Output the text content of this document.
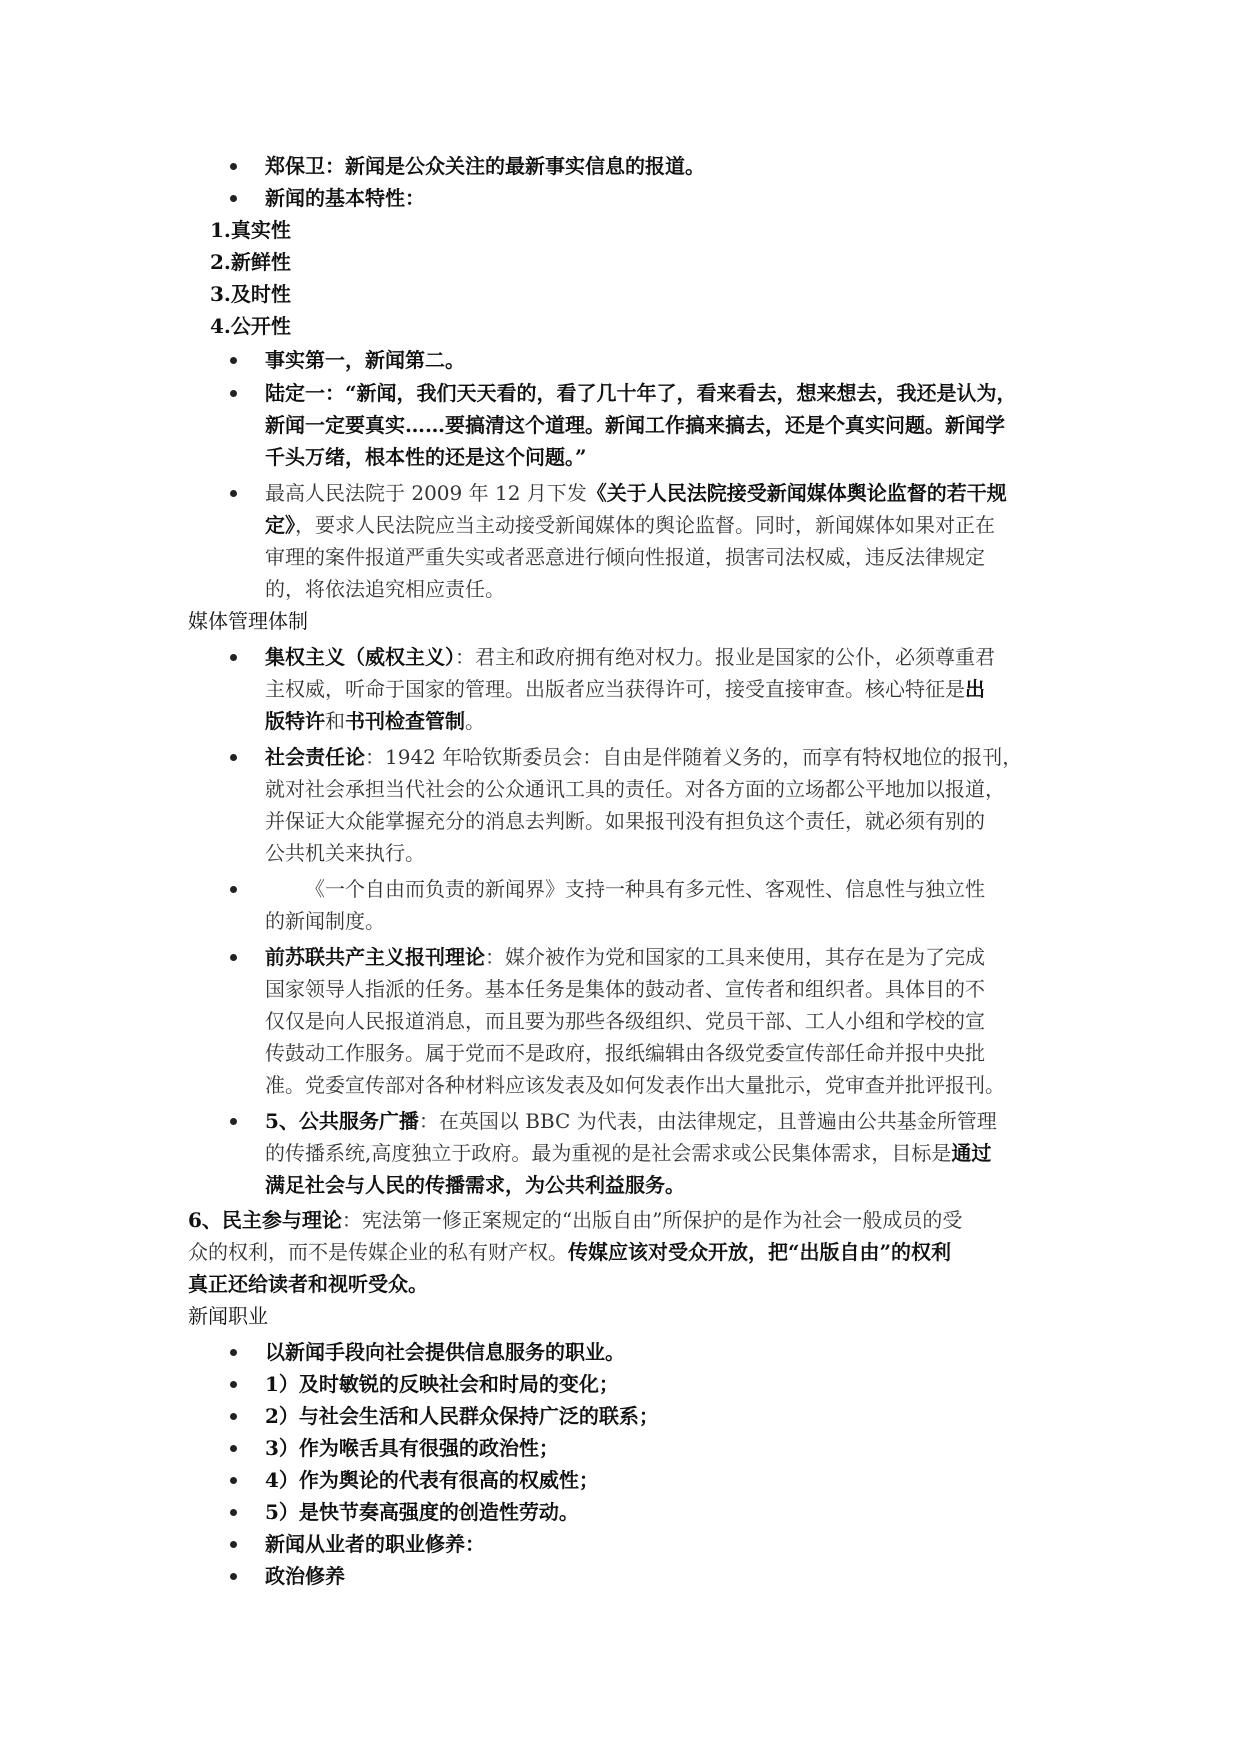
郑保卫：新闻是公众关注的最新事实信息的报道。
新闻的基本特性：
1.真实性
2.新鲜性
3.及时性
4.公开性
事实第一，新闻第二。
陆定一：“新闻，我们天天看的，看了几十年了，看来看去，想来想去，我还是认为，
新闻一定要真实……要搞清这个道理。新闻工作搞来搞去，还是个真实问题。新闻学
千头万绪，根本性的还是这个问题。”
最高人民法院于 2009 年 12 月下发《关于人民法院接受新闻媒体舆论监督的若干规
定》，要求人民法院应当主动接受新闻媒体的舆论监督。同时，新闻媒体如果对正在
审理的案件报道严重失实或者恶意进行倾向性报道，损害司法权威，违反法律规定
的，将依法追究相应责任。
媒体管理体制
集权主义（威权主义）：君主和政府拥有绝对权力。报业是国家的公仆，必须尊重君
主权威，听命于国家的管理。出版者应当获得许可，接受直接审查。核心特征是出
版特许和书刊检查管制。
社会责任论：1942 年哈钦斯委员会：自由是伴随着义务的，而享有特权地位的报刊，
就对社会承担当代社会的公众通讯工具的责任。对各方面的立场都公平地加以报道，
并保证大众能掌握充分的消息去判断。如果报刊没有担负这个责任，就必须有别的
公共机关来执行。
《一个自由而负责的新闻界》支持一种具有多元性、客观性、信息性与独立性
的新闻制度。
前苏联共产主义报刊理论：媒介被作为党和国家的工具来使用，其存在是为了完成
国家领导人指派的任务。基本任务是集体的鼓动者、宣传者和组织者。具体目的不
仅仅是向人民报道消息，而且要为那些各级组织、党员干部、工人小组和学校的宣
传鼓动工作服务。属于党而不是政府，报纸编辑由各级党委宣传部任命并报中央批
准。党委宣传部对各种材料应该发表及如何发表作出大量批示，党审查并批评报刊。
5、公共服务广播：在英国以 BBC 为代表，由法律规定，且普遍由公共基金所管理
的传播系统,高度独立于政府。最为重视的是社会需求或公民集体需求，目标是通过
满足社会与人民的传播需求，为公共利益服务。
6、民主参与理论：宪法第一修正案规定的“出版自由”所保护的是作为社会一般成员的受
众的权利，而不是传媒企业的私有财产权。传媒应该对受众开放，把“出版自由”的权利
真正还给读者和视听受众。
新闻职业
以新闻手段向社会提供信息服务的职业。
1）及时敏锐的反映社会和时局的变化；
2）与社会生活和人民群众保持广泛的联系；
3）作为喉舌具有很强的政治性；
4）作为舆论的代表有很高的权威性；
5）是快节奏高强度的创造性劳动。
新闻从业者的职业修养：
政治修养
